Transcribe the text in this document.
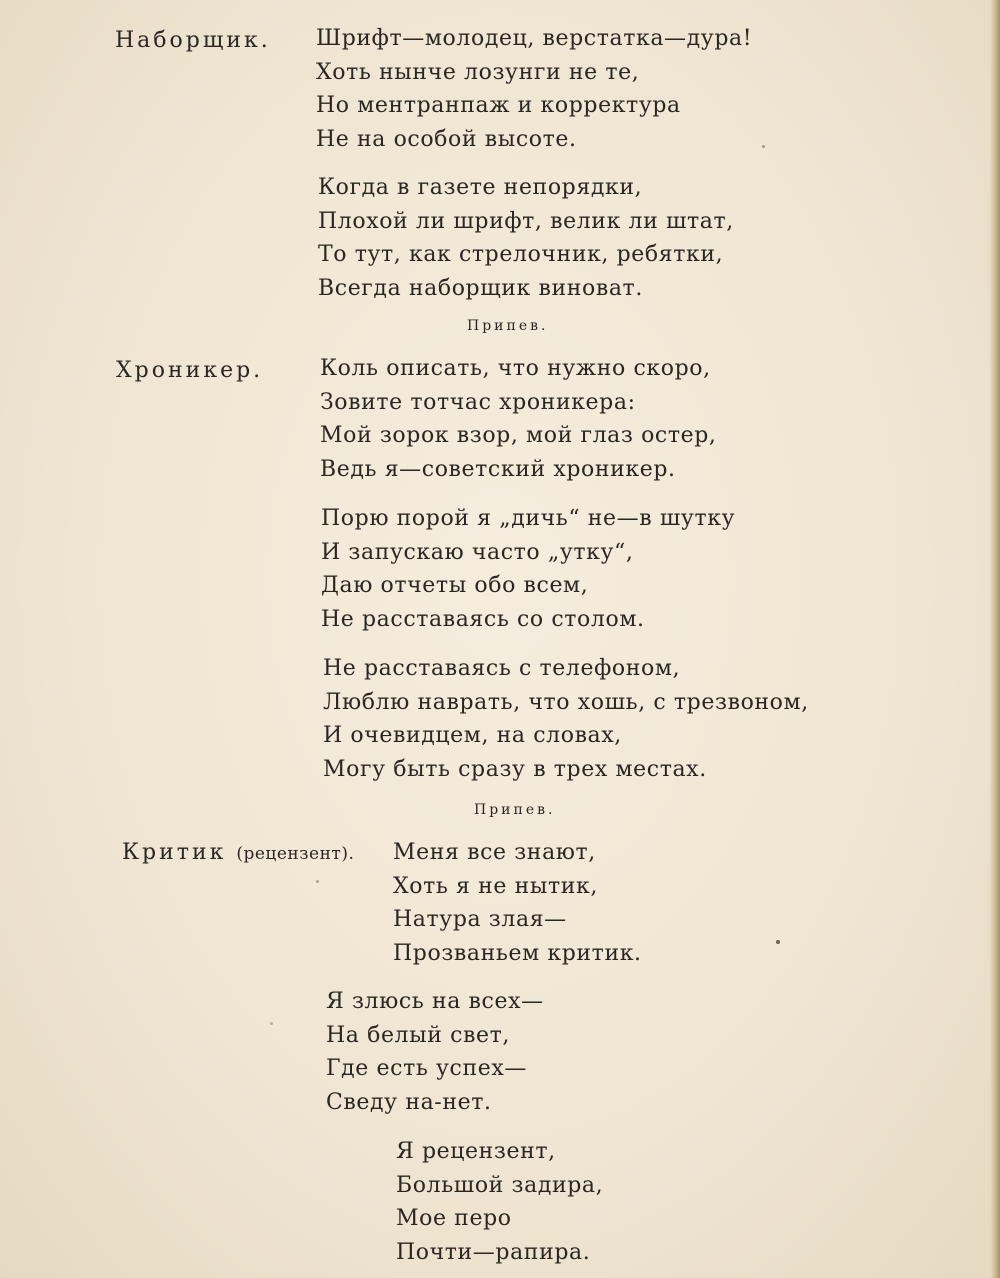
Наборщик. Шрифт—молодец, верстатка—дура!
Хоть нынче лозунги не те,
Но ментранпаж и корректура
Не на особой высоте.
Когда в газете непорядки,
Плохой ли шрифт, велик ли штат,
То тут, как стрелочник, ребятки,
Всегда наборщик виноват.
Припев.
Хроникер.	Коль описать, что нужно скоро,
Зовите тотчас хроникера:
Мой зорок взор, мой глаз остер,
Ведь я—советский хроникер.
Порю порой я „дичь“ не—в шутку
И запускаю часто „утку“,
Даю отчеты обо всем,
Не расставаясь со столом.
Не расставаясь с телефоном,
Люблю наврать, что хошь, с трезвоном,
И очевидцем, на словах,
Могу быть сразу в трех местах.
Припев.
Критик (рецензент). Меня все знают,
Хоть я не нытик,
Натура злая—
Прозваньем критик.
Я злюсь на всех—
На белый свет,
Где есть успех—
Сведу на-нет.
Я рецензент,
Большой задира,
Мое перо
Почти—рапира.
